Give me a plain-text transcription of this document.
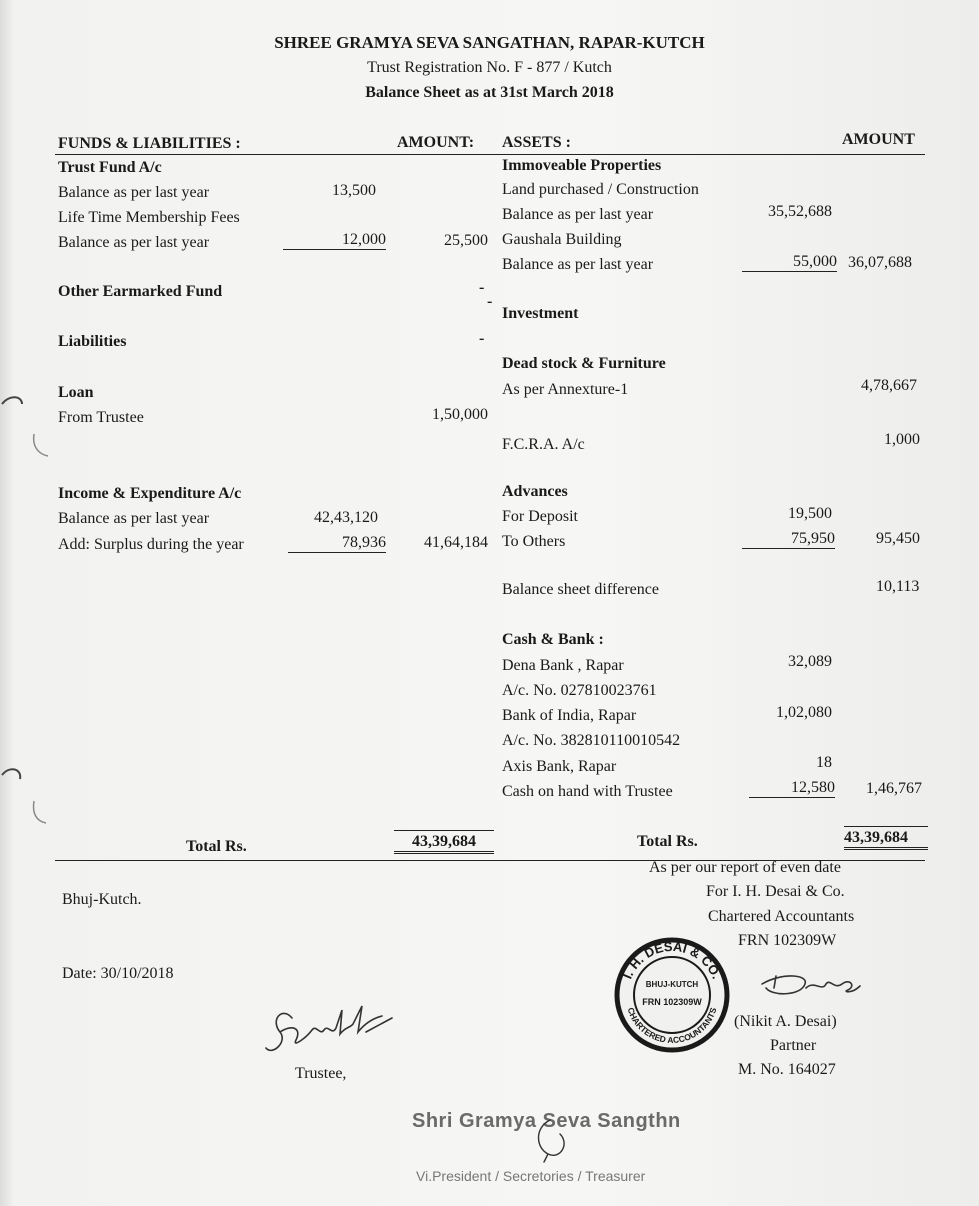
SHREE GRAMYA SEVA SANGATHAN, RAPAR-KUTCH
Trust Registration No. F - 877 / Kutch
Balance Sheet as at 31st March 2018
FUNDS & LIABILITIES :	AMOUNT: ASSETS :	AMOUNT
Trust Fund A/c
Balance as per last year	13,500
Life Time Membership Fees
Balance as per last year	12,000	25,500
Other Earmarked Fund	-
Liabilities	-
Loan
From Trustee	1,50,000
Income & Expenditure A/c
Balance as per last year	42,43,120
Add: Surplus during the year	78,936	41,64,184
Immoveable Properties
Land purchased / Construction
Balance as per last year	35,52,688
Gaushala Building
Balance as per last year	55,000 36,07,688
Investment
-
Dead stock & Furniture
As per Annexture-1	4,78,667
F.C.R.A. A/c	1,000
Advances
For Deposit	19,500
To Others	75,950	95,450
Balance sheet difference	10,113
Cash & Bank :
Dena Bank , Rapar	32,089
A/c. No. 027810023761
Bank of India, Rapar	1,02,080
A/c. No. 382810110010542
Axis Bank, Rapar	18
Cash on hand with Trustee	12,580 1,46,767
Total Rs.	43,39,684	Total Rs.	43,39,684
Bhuj-Kutch.
Date: 30/10/2018
Trustee,
As per our report of even date
For I. H. Desai & Co.
Chartered Accountants
FRN 102309W
(Nikit A. Desai)
Partner
M. No. 164027
I. H. DESAI & CO.
CHARTERED ACCOUNTANTS
BHUJ-KUTCH
FRN 102309W
Shri Gramya Seva Sangthn
Vi.President / Secretories / Treasurer
